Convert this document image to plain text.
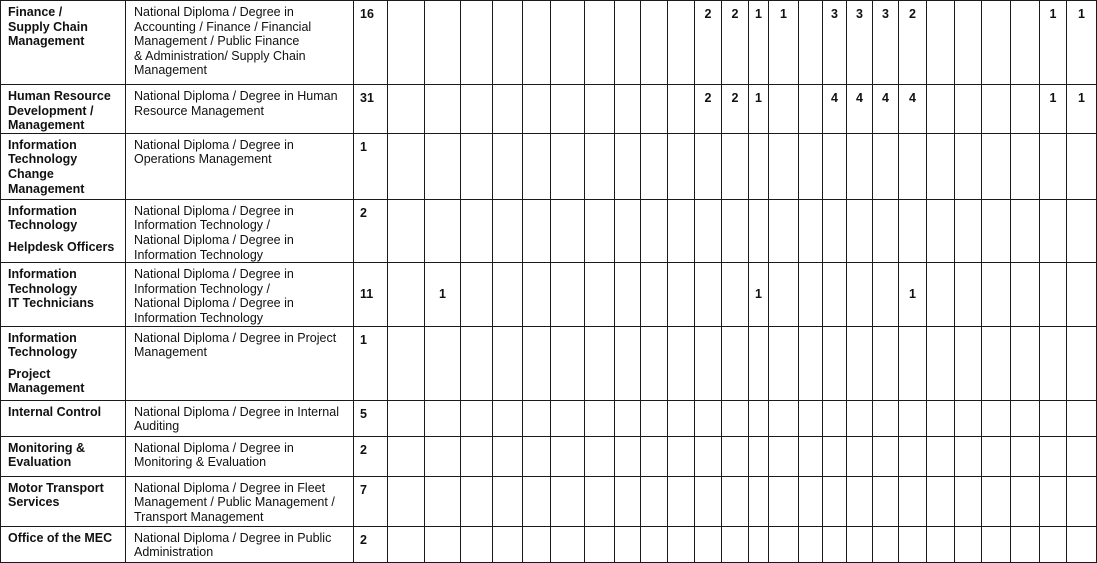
Finance /
Supply Chain
Management	National Diploma / Degree in
Accounting / Finance / Financial
Management / Public Finance
& Administration/ Supply Chain
Management	16											2	2	1	1		3	3	3	2					1	1	

Human Resource
Development /
Management	National Diploma / Degree in Human
Resource Management	31											2	2	1			4	4	4	4					1	1	

Information
Technology
Change
Management	National Diploma / Degree in
Operations Management	1																										

Information
Technology
Helpdesk Officers	National Diploma / Degree in
Information Technology /
National Diploma / Degree in
Information Technology	2																										

Information
Technology
IT Technicians	National Diploma / Degree in
Information Technology /
National Diploma / Degree in
Information Technology	11		1											1						1							

Information
Technology
Project
Management	National Diploma / Degree in Project
Management	1																										

Internal Control	National Diploma / Degree in Internal
Auditing	5																										

Monitoring &
Evaluation	National Diploma / Degree in
Monitoring & Evaluation	2																										

Motor Transport
Services	National Diploma / Degree in Fleet
Management / Public Management /
Transport Management	7																										

Office of the MEC	National Diploma / Degree in Public
Administration	2																										
